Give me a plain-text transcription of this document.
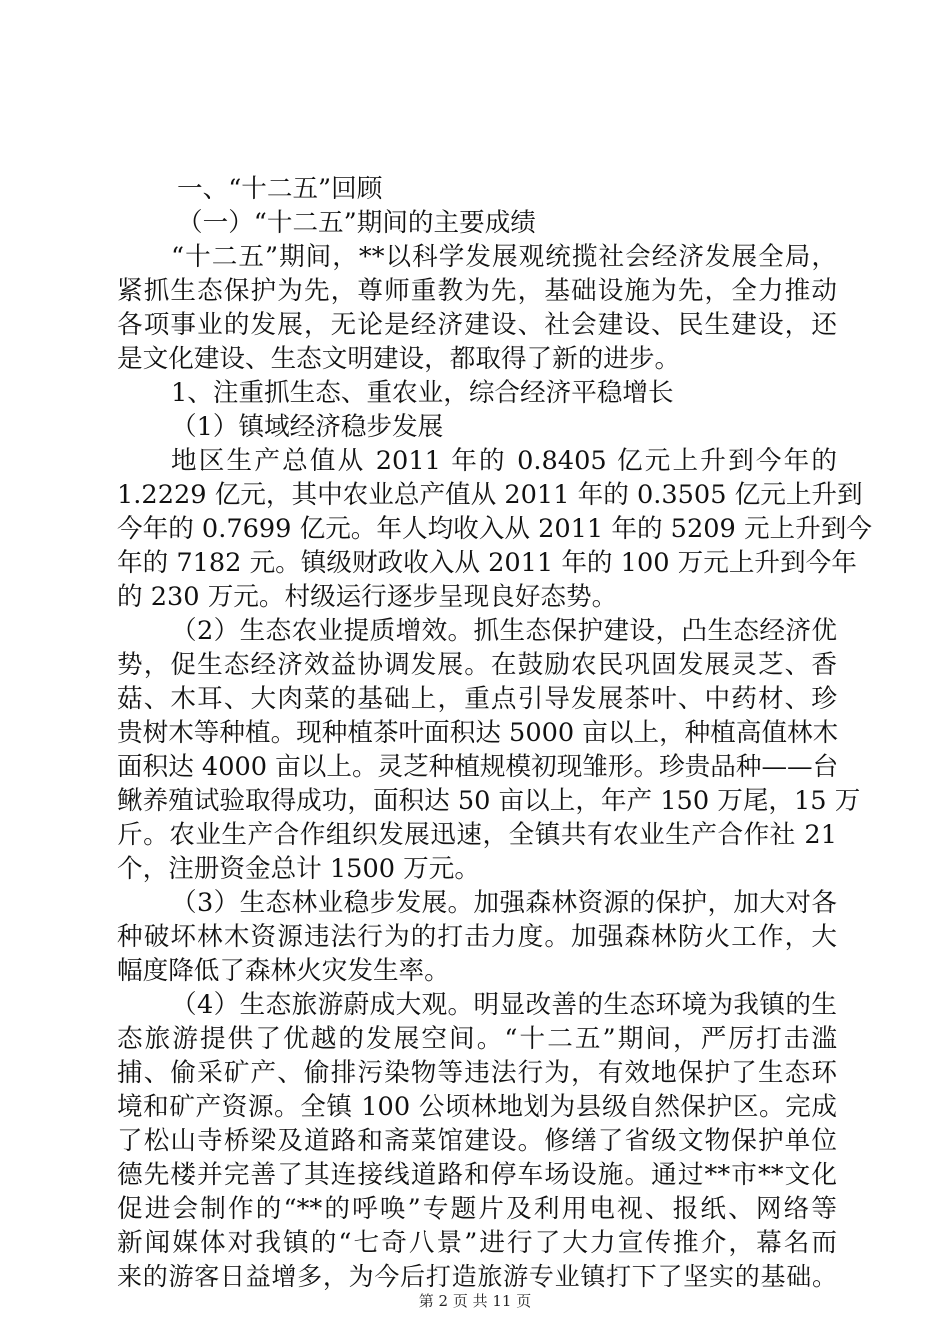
一、“十二五”回顾
（一）“十二五”期间的主要成绩
“十二五”期间，**以科学发展观统揽社会经济发展全局，
紧抓生态保护为先，尊师重教为先，基础设施为先，全力推动
各项事业的发展，无论是经济建设、社会建设、民生建设，还
是文化建设、生态文明建设，都取得了新的进步。
1、注重抓生态、重农业，综合经济平稳增长
（1）镇域经济稳步发展
地区生产总值从 2011 年的 0.8405 亿元上升到今年的
1.2229 亿元，其中农业总产值从 2011 年的 0.3505 亿元上升到
今年的 0.7699 亿元。年人均收入从 2011 年的 5209 元上升到今
年的 7182 元。镇级财政收入从 2011 年的 100 万元上升到今年
的 230 万元。村级运行逐步呈现良好态势。
（2）生态农业提质增效。抓生态保护建设，凸生态经济优
势，促生态经济效益协调发展。在鼓励农民巩固发展灵芝、香
菇、木耳、大肉菜的基础上，重点引导发展茶叶、中药材、珍
贵树木等种植。现种植茶叶面积达 5000 亩以上，种植高值林木
面积达 4000 亩以上。灵芝种植规模初现雏形。珍贵品种——台
鳅养殖试验取得成功，面积达 50 亩以上，年产 150 万尾，15 万
斤。农业生产合作组织发展迅速，全镇共有农业生产合作社 21
个，注册资金总计 1500 万元。
（3）生态林业稳步发展。加强森林资源的保护，加大对各
种破坏林木资源违法行为的打击力度。加强森林防火工作，大
幅度降低了森林火灾发生率。
（4）生态旅游蔚成大观。明显改善的生态环境为我镇的生
态旅游提供了优越的发展空间。“十二五”期间，严厉打击滥
捕、偷采矿产、偷排污染物等违法行为，有效地保护了生态环
境和矿产资源。全镇 100 公顷林地划为县级自然保护区。完成
了松山寺桥梁及道路和斋菜馆建设。修缮了省级文物保护单位
德先楼并完善了其连接线道路和停车场设施。通过**市**文化
促进会制作的“**的呼唤”专题片及利用电视、报纸、网络等
新闻媒体对我镇的“七奇八景”进行了大力宣传推介，幕名而
来的游客日益增多，为今后打造旅游专业镇打下了坚实的基础。
第 2 页 共 11 页
